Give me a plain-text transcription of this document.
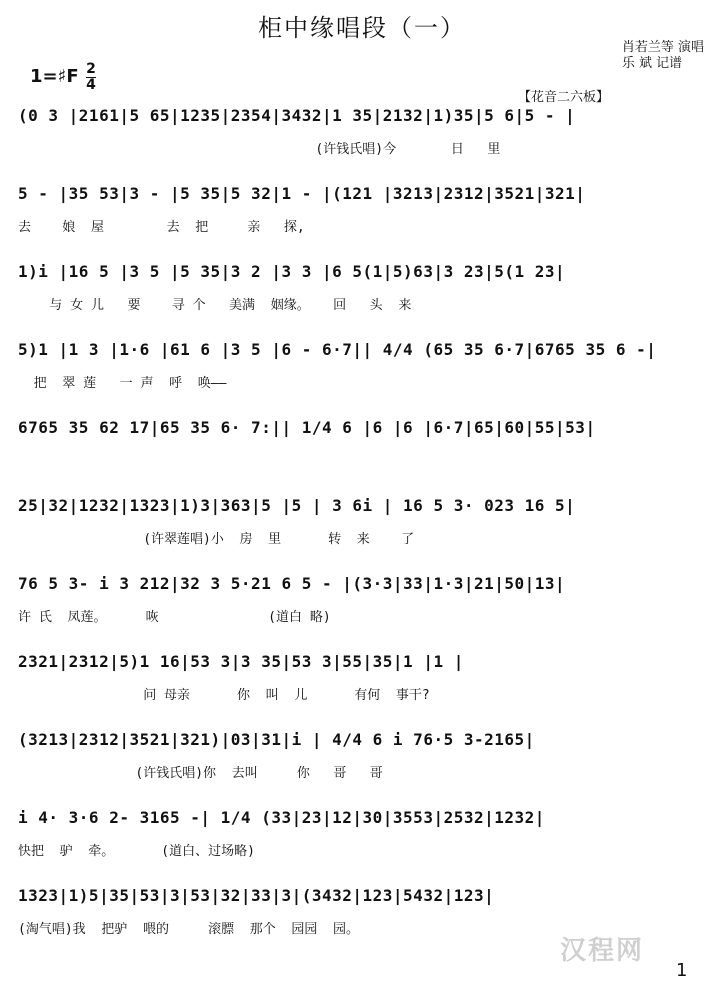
柜中缘唱段（一）
肖若兰等 演唱
乐 斌 记谱
1=♯F 2
4
【花音二六板】
(0 3 |2161|5 65|1235|2354|3432|1 35|2132|1)35|5 6|5 - |
(许钱氏唱)今       日   里
5 - |35 53|3 - |5 35|5 32|1 - |(121 |3213|2312|3521|321|
去    娘  屋        去  把     亲   探,
1)i |16 5 |3 5 |5 35|3 2 |3 3 |6 5(1|5)63|3 23|5(1 23|
与 女 儿   要    寻 个   美满  姻缘。   回   头  来
5)1 |1 3 |1·6 |61 6 |3 5 |6 - 6·7|| 4/4 (65 35 6·7|6765 35 6 -|
把  翠 莲   一 声  呼  唤——
6765 35 62 17|65 35 6· 7:|| 1/4 6 |6 |6 |6·7|65|60|55|53|
25|32|1232|1323|1)3|363|5 |5 | 3 6i | 16 5 3· 023 16 5|
(许翠莲唱)小  房  里      转  来    了
76 5 3- i 3 212|32 3 5·21 6 5 - |(3·3|33|1·3|21|50|13|
许 氏  凤莲。     咴              (道白 略)
2321|2312|5)1 16|53 3|3 35|53 3|55|35|1 |1 |
问 母亲      你  叫  儿      有何  事干?
(3213|2312|3521|321)|03|31|i | 4/4 6 i 76·5 3-2165|
(许钱氏唱)你  去叫     你   哥   哥
i 4· 3·6 2- 3165 -| 1/4 (33|23|12|30|3553|2532|1232|
快把  驴  牵。      (道白、过场略)
1323|1)5|35|53|3|53|32|33|3|(3432|123|5432|123|
(淘气唱)我  把驴  喂的     滚膘  那个  园园  园。
汉程网
1
